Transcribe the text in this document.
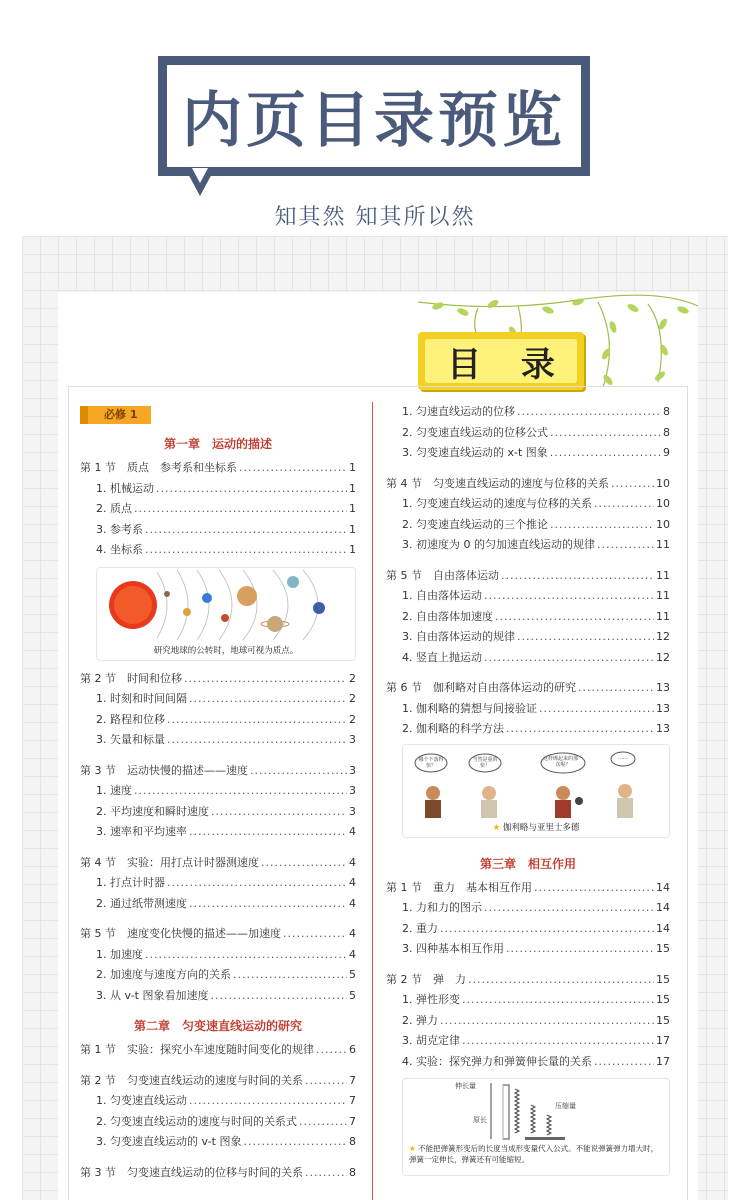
内页目录预览
知其然 知其所以然
目 录
必修 1
第一章　运动的描述
第 1 节　质点　参考系和坐标系 .....	1
1. 机械运动 .....	1
2. 质点 .....	1
3. 参考系 .....	1
4. 坐标系 .....	1
研究地球的公转时，地球可视为质点。
第 2 节　时间和位移 .....	2
1. 时刻和时间间隔 .....	2
2. 路程和位移 .....	2
3. 矢量和标量 .....	3
第 3 节　运动快慢的描述——速度 .....	3
1. 速度 .....	3
2. 平均速度和瞬时速度 .....	3
3. 速率和平均速率 .....	4
第 4 节　实验：用打点计时器测速度 .....	4
1. 打点计时器 .....	4
2. 通过纸带测速度 .....	4
第 5 节　速度变化快慢的描述——加速度 .....	4
1. 加速度 .....	4
2. 加速度与速度方向的关系 .....	5
3. 从 v-t 图象看加速度 .....	5
第二章　匀变速直线运动的研究
第 1 节　实验：探究小车速度随时间变化的规律 .....	6
第 2 节　匀变速直线运动的速度与时间的关系 .....	7
1. 匀变速直线运动 .....	7
2. 匀变速直线运动的速度与时间的关系式 .....	7
3. 匀变速直线运动的 v-t 图象 .....	8
第 3 节　匀变速直线运动的位移与时间的关系 .....	8
1. 匀速直线运动的位移 .....	8
2. 匀变速直线运动的位移公式 .....	8
3. 匀变速直线运动的 x-t 图象 .....	9
第 4 节　匀变速直线运动的速度与位移的关系 .....	10
1. 匀变速直线运动的速度与位移的关系 .....	10
2. 匀变速直线运动的三个推论 .....	10
3. 初速度为 0 的匀加速直线运动的规律 .....	11
第 5 节　自由落体运动 .....	11
1. 自由落体运动 .....	11
2. 自由落体加速度 .....	11
3. 自由落体运动的规律 .....	12
4. 竖直上抛运动 .....	12
第 6 节　伽利略对自由落体运动的研究 .....	13
1. 伽利略的猜想与间接验证 .....	13
2. 伽利略的科学方法 .....	13
哪个下落得快？
当然是重的快！
这样绑起来的那一次呢？
……
★ 伽利略与亚里士多德
第三章　相互作用
第 1 节　重力　基本相互作用 .....	14
1. 力和力的图示 .....	14
2. 重力 .....	14
3. 四种基本相互作用 .....	15
第 2 节　弹　力 .....	15
1. 弹性形变 .....	15
2. 弹力 .....	15
3. 胡克定律 .....	17
4. 实验：探究弹力和弹簧伸长量的关系 .....	17
伸长量
原长
压缩量
★ 不能把弹簧形变后的长度当成形变量代入公式。不能说弹簧弹力增大时，弹簧一定伸长，弹簧还有可能缩短。
